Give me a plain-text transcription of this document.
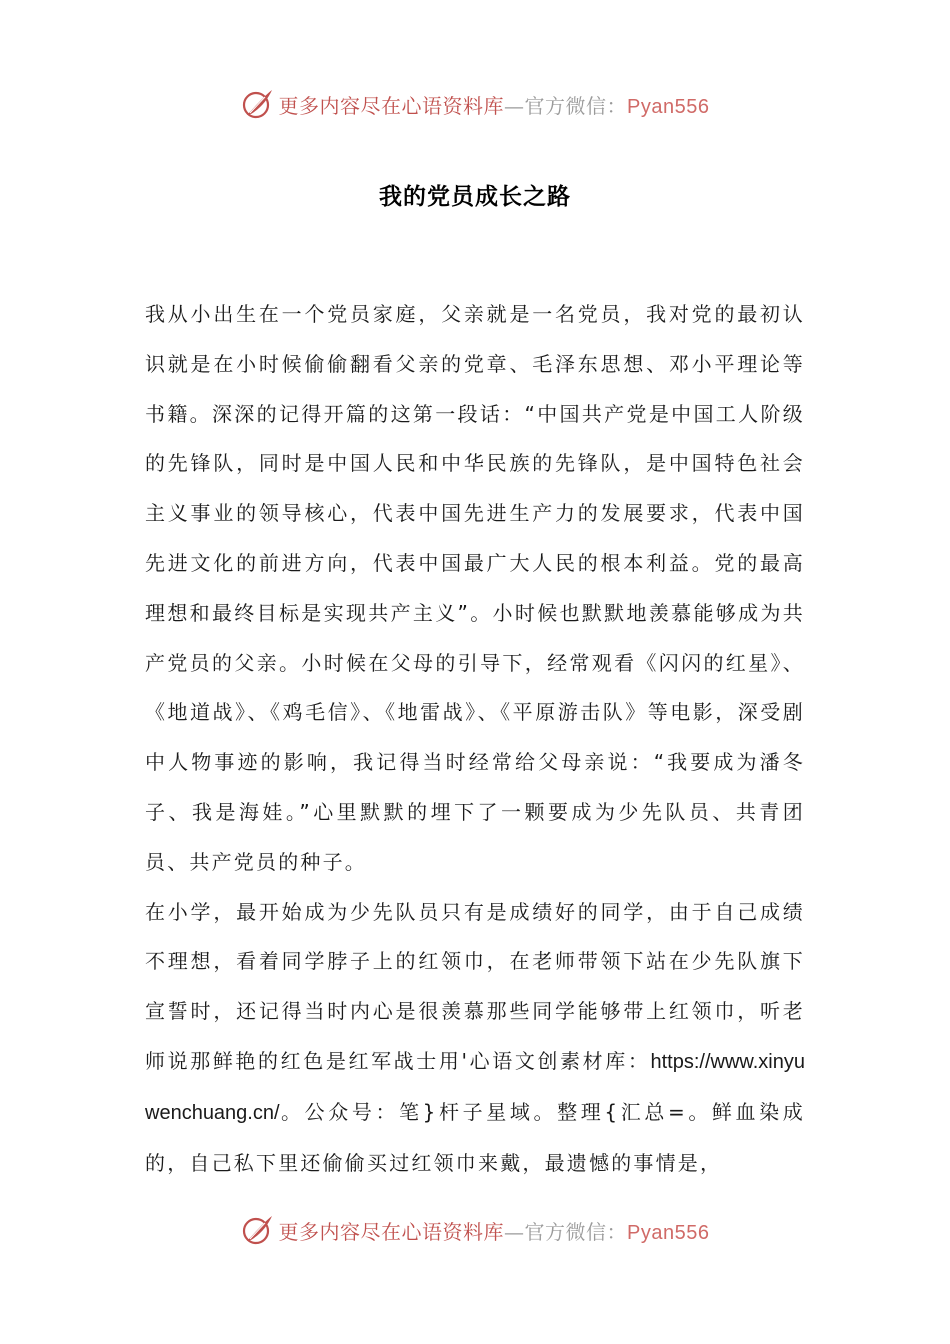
更多内容尽在心语资料库—官方微信：Pyan556
我的党员成长之路

我从小出生在一个党员家庭，父亲就是一名党员，我对党的最初认识就是在小时候偷偷翻看父亲的党章、毛泽东思想、邓小平理论等书籍。深深的记得开篇的这第一段话：“中国共产党是中国工人阶级的先锋队，同时是中国人民和中华民族的先锋队，是中国特色社会主义事业的领导核心，代表中国先进生产力的发展要求，代表中国先进文化的前进方向，代表中国最广大人民的根本利益。党的最高理想和最终目标是实现共产主义”。小时候也默默地羡慕能够成为共产党员的父亲。小时候在父母的引导下，经常观看《闪闪的红星》、《地道战》、《鸡毛信》、《地雷战》、《平原游击队》等电影，深受剧中人物事迹的影响，我记得当时经常给父母亲说：“我要成为潘冬子、我是海娃。”心里默默的埋下了一颗要成为少先队员、共青团员、共产党员的种子。

在小学，最开始成为少先队员只有是成绩好的同学，由于自己成绩不理想，看着同学脖子上的红领巾，在老师带领下站在少先队旗下宣誓时，还记得当时内心是很羡慕那些同学能够带上红领巾，听老师说那鲜艳的红色是红军战士用'心语文创素材库：https://www.xinyuwenchuang.cn/。公众号：笔}杆子星域。整理{汇总=。鲜血染成的，自己私下里还偷偷买过红领巾来戴，最遗憾的事情是，

更多内容尽在心语资料库—官方微信：Pyan556
